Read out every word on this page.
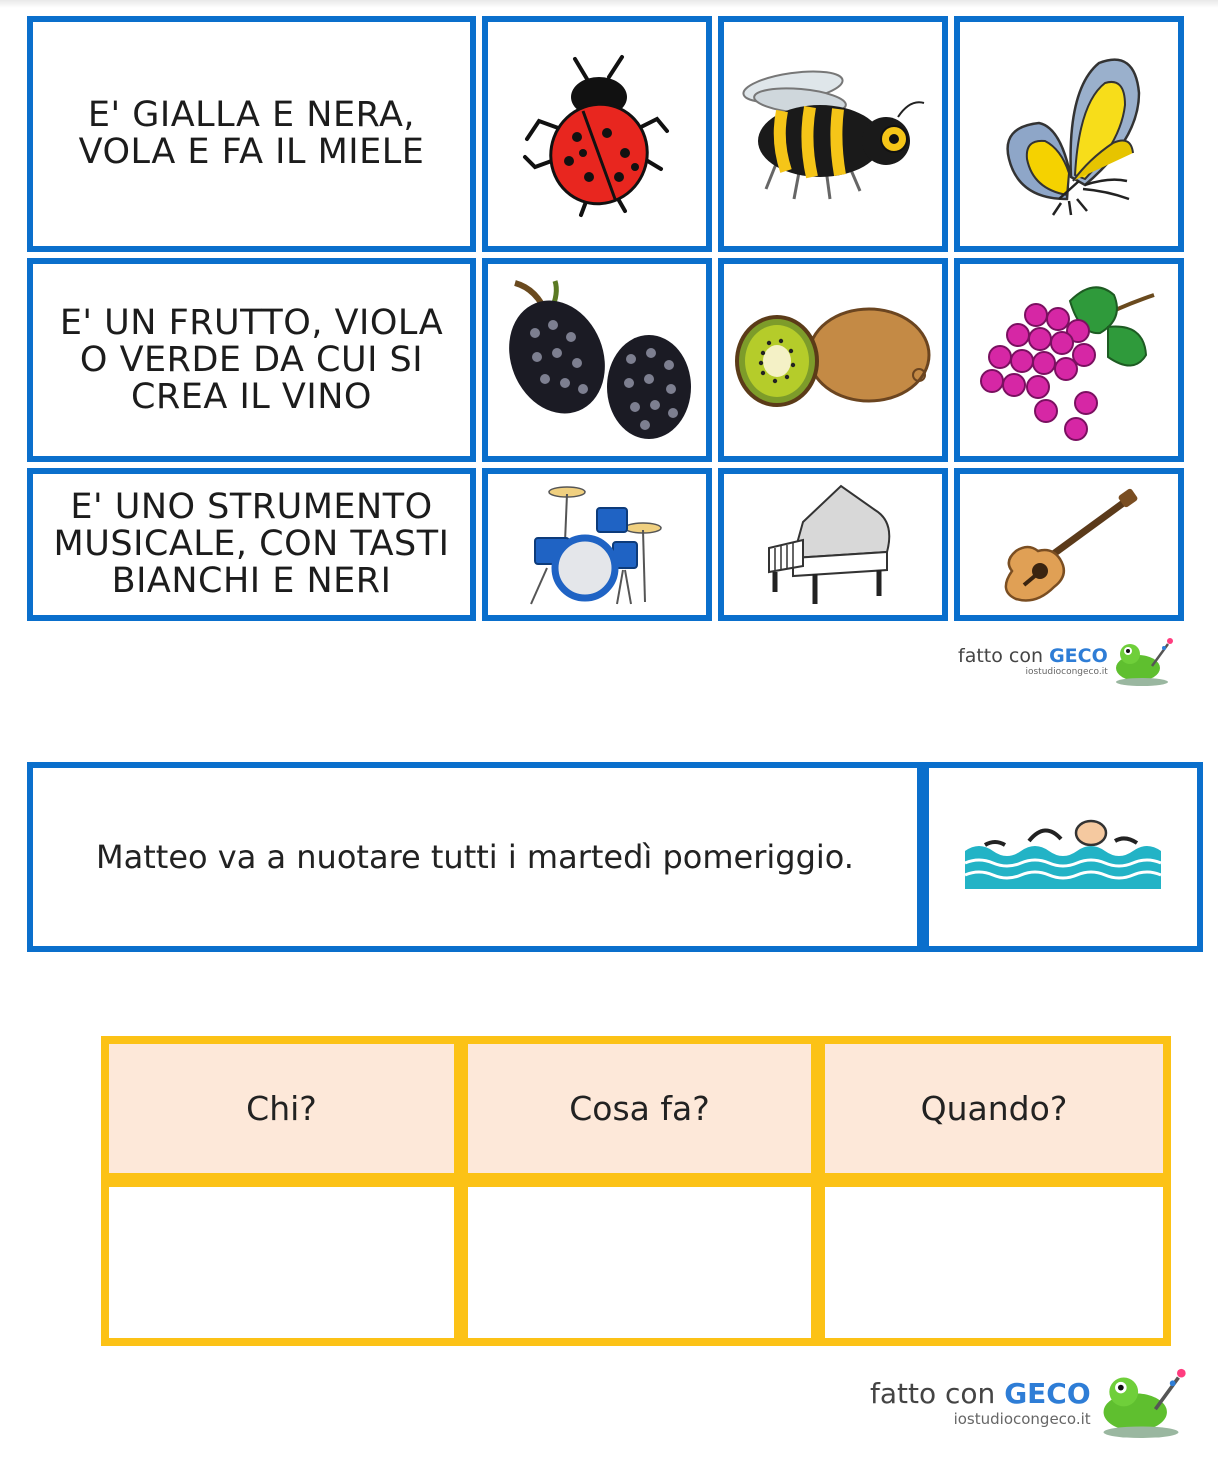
E' GIALLA E NERA,
VOLA E FA IL MIELE
E' UN FRUTTO, VIOLA
O VERDE DA CUI SI
CREA IL VINO
E' UNO STRUMENTO
MUSICALE, CON TASTI
BIANCHI E NERI
fatto con GECO
iostudiocongeco.it
Matteo va a nuotare tutti i martedì pomeriggio.
Chi?	Cosa fa?	Quando?
fatto con GECO
iostudiocongeco.it
